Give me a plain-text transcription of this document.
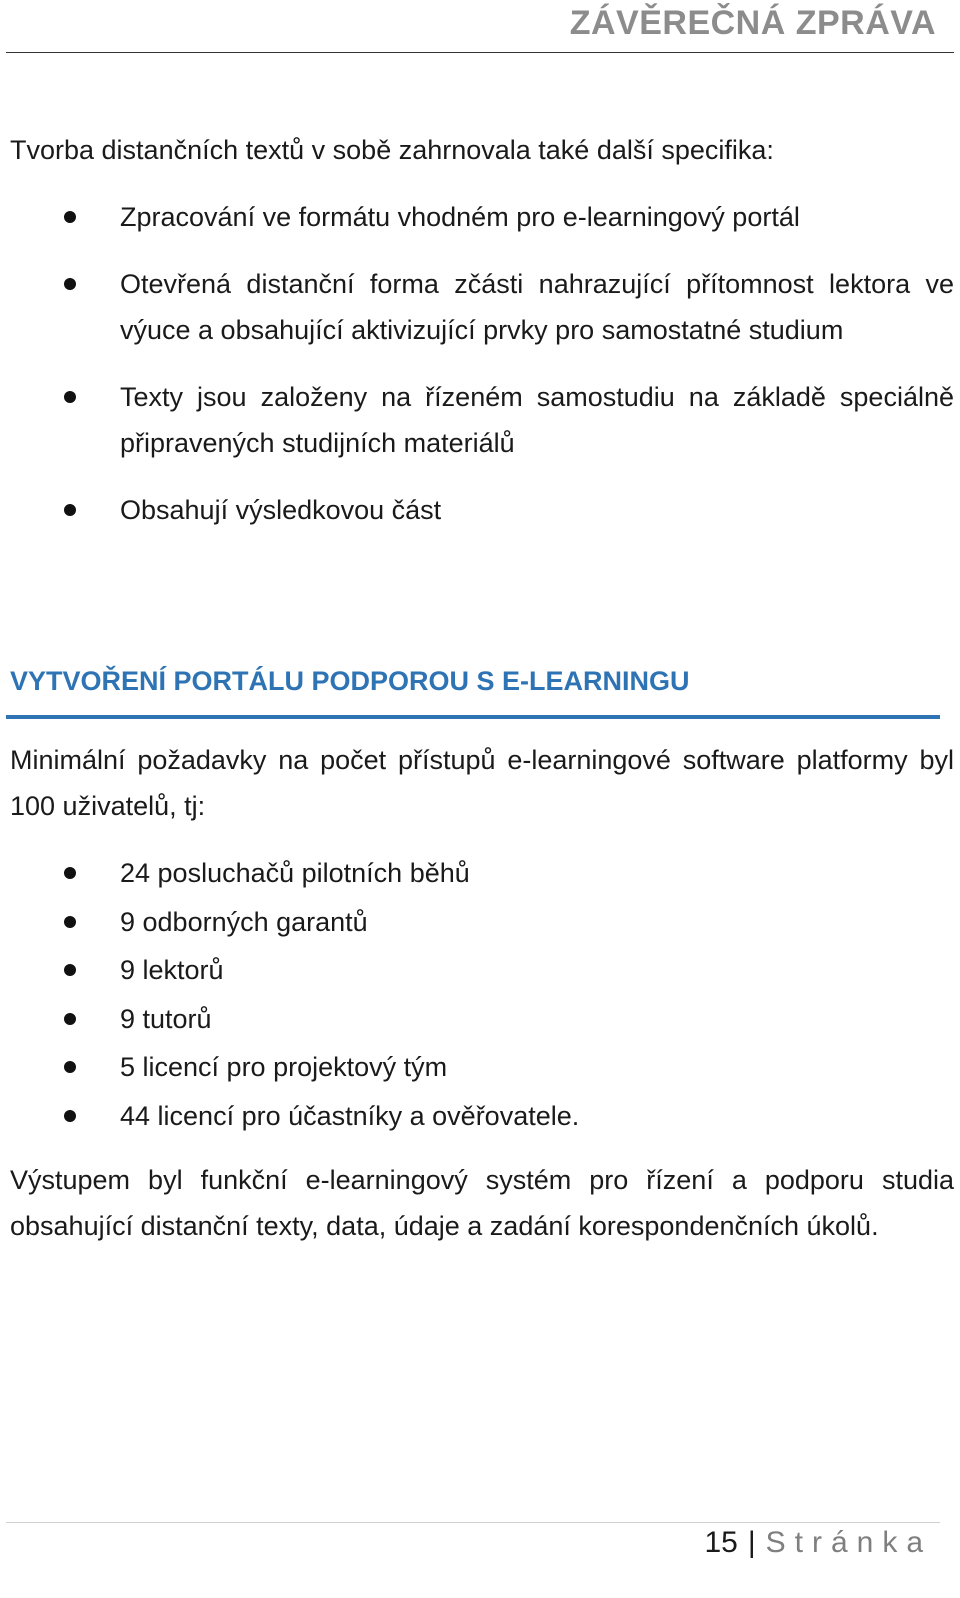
ZÁVĚREČNÁ ZPRÁVA

Tvorba distančních textů v sobě zahrnovala také další specifika:

Zpracování ve formátu vhodném pro e-learningový portál
Otevřená distanční forma zčásti nahrazující přítomnost lektora ve výuce a obsahující aktivizující prvky pro samostatné studium
Texty jsou založeny na řízeném samostudiu na základě speciálně připravených studijních materiálů
Obsahují výsledkovou část
VYTVOŘENÍ PORTÁLU PODPOROU S E-LEARNINGU

Minimální požadavky na počet přístupů e-learningové software platformy byl 100 uživatelů, tj:

24 posluchačů pilotních běhů
9 odborných garantů
9 lektorů
9 tutorů
5 licencí pro projektový tým
44 licencí pro účastníky a ověřovatele.

Výstupem byl funkční e-learningový systém pro řízení a podporu studia obsahující distanční texty, data, údaje a zadání korespondenčních úkolů.

15 | Stránka
